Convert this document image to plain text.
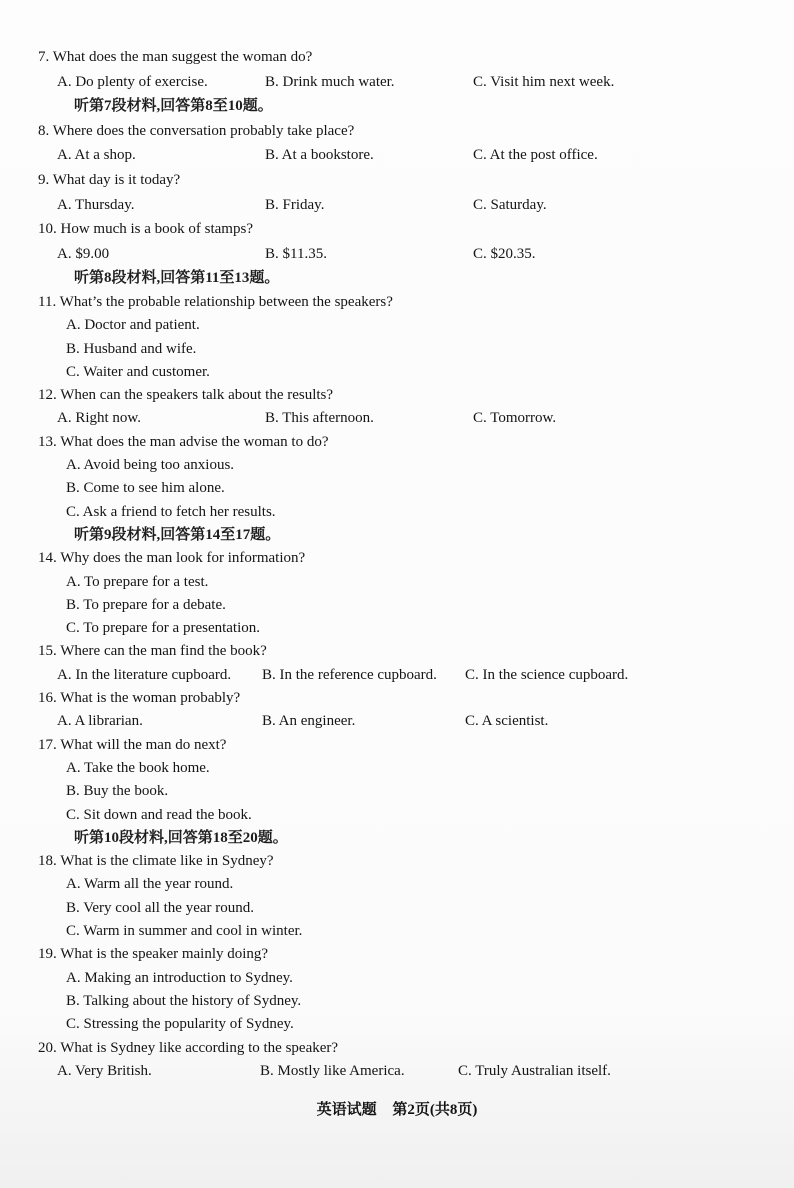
7. What does the man suggest the woman do?
A. Do plenty of exercise.	B. Drink much water.	C. Visit him next week.
听第7段材料,回答第8至10题。
8. Where does the conversation probably take place?
A. At a shop.	B. At a bookstore.	C. At the post office.
9. What day is it today?
A. Thursday.	B. Friday.	C. Saturday.
10. How much is a book of stamps?
A. $9.00	B. $11.35.	C. $20.35.
听第8段材料,回答第11至13题。
11. What’s the probable relationship between the speakers?
A. Doctor and patient.
B. Husband and wife.
C. Waiter and customer.
12. When can the speakers talk about the results?
A. Right now.	B. This afternoon.	C. Tomorrow.
13. What does the man advise the woman to do?
A. Avoid being too anxious.
B. Come to see him alone.
C. Ask a friend to fetch her results.
听第9段材料,回答第14至17题。
14. Why does the man look for information?
A. To prepare for a test.
B. To prepare for a debate.
C. To prepare for a presentation.
15. Where can the man find the book?
A. In the literature cupboard. B. In the reference cupboard. C. In the science cupboard.
16. What is the woman probably?
A. A librarian.	B. An engineer.	C. A scientist.
17. What will the man do next?
A. Take the book home.
B. Buy the book.
C. Sit down and read the book.
听第10段材料,回答第18至20题。
18. What is the climate like in Sydney?
A. Warm all the year round.
B. Very cool all the year round.
C. Warm in summer and cool in winter.
19. What is the speaker mainly doing?
A. Making an introduction to Sydney.
B. Talking about the history of Sydney.
C. Stressing the popularity of Sydney.
20. What is Sydney like according to the speaker?
A. Very British.	B. Mostly like America.	C. Truly Australian itself.
英语试题 第2页(共8页)
